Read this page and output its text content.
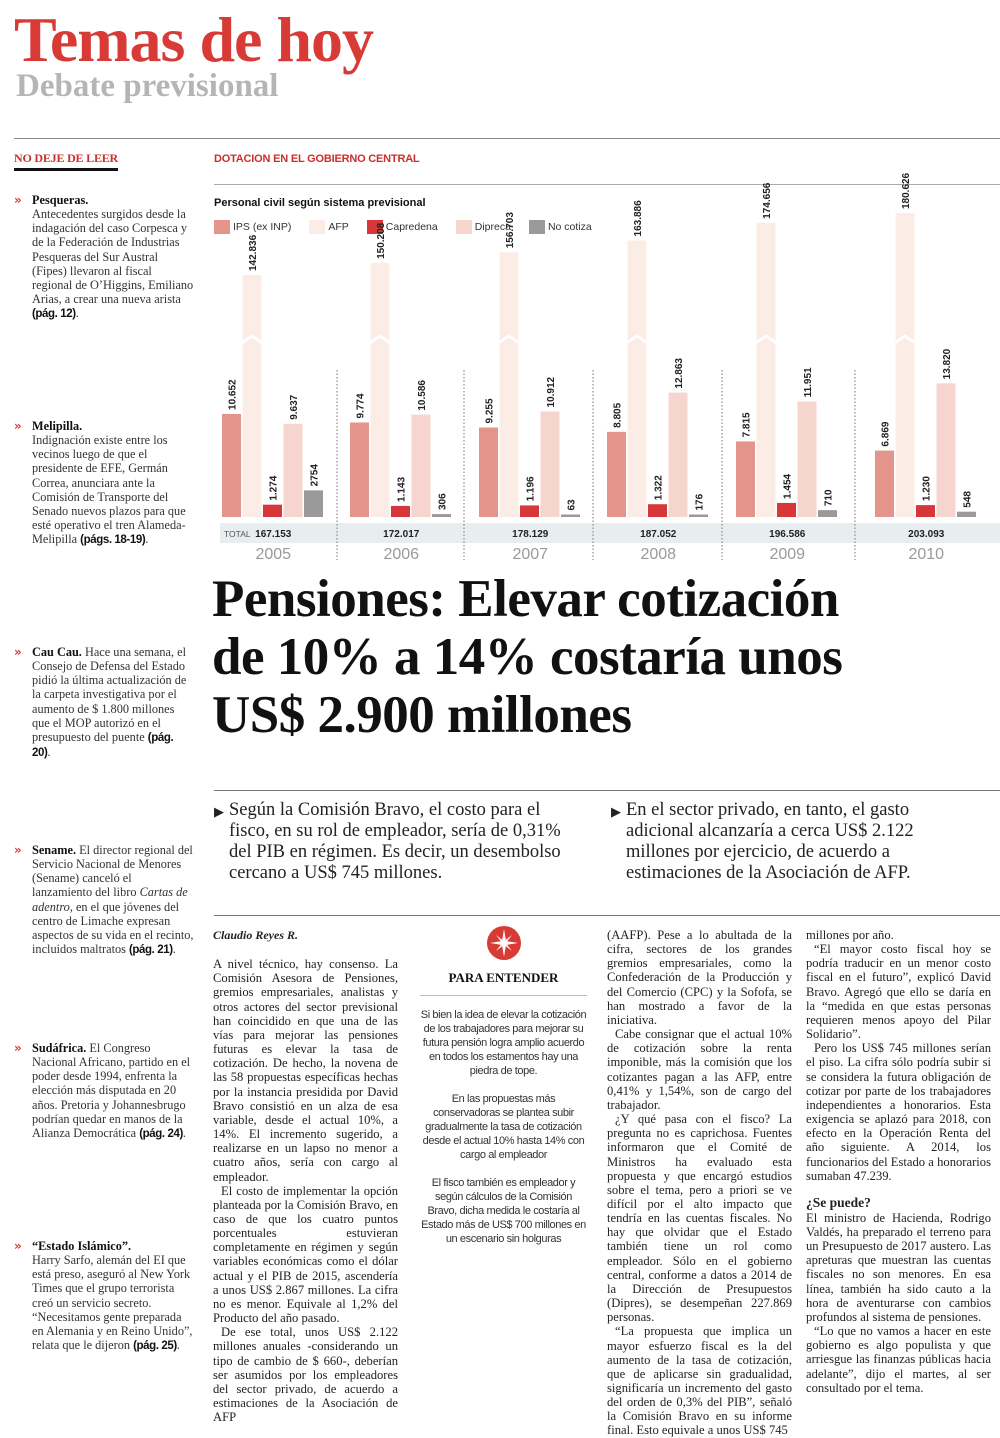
Temas de hoy
Debate previsional
NO DEJE DE LEER	DOTACION EN EL GOBIERNO CENTRAL
» Pesqueras.
Antecedentes surgidos desde la indagación del caso Corpesca y de la Federación de Industrias Pesqueras del Sur Austral (Fipes) llevaron al fiscal regional de O’Higgins, Emiliano Arias, a crear una nueva arista (pág. 12).
» Melipilla.
Indignación existe entre los vecinos luego de que el presidente de EFE, Germán Correa, anunciara ante la Comisión de Transporte del Senado nuevos plazos para que esté operativo el tren Alameda-Melipilla (págs. 18-19).
» Cau Cau. Hace una semana, el Consejo de Defensa del Estado pidió la última actualización de la carpeta investigativa por el aumento de $ 1.800 millones que el MOP autorizó en el presupuesto del puente (pág. 20).
» Sename. El director regional del Servicio Nacional de Menores (Sename) canceló el lanzamiento del libro Cartas de adentro, en el que jóvenes del centro de Limache expresan aspectos de su vida en el recinto, incluidos maltratos (pág. 21).
» Sudáfrica. El Congreso Nacional Africano, partido en el poder desde 1994, enfrenta la elección más disputada en 20 años. Pretoria y Johannesbrugo podrían quedar en manos de la Alianza Democrática (pág. 24).
» “Estado Islámico”.
Harry Sarfo, alemán del EI que está preso, aseguró al New York Times que el grupo terrorista creó un servicio secreto. “Necesitamos gente preparada en Alemania y en Reino Unido”, relata que le dijeron (pág. 25).
Personal civil según sistema previsional
IPS (ex INP)	AFP	Capredena	Dipreca	No cotiza
TOTAL
10.652
142.836
1.274
9.637
2754
167.153
2005
9.774
150.208
1.143
10.586
306
172.017
2006
9.255
156.703
1.196
10.912
63
178.129
2007
8.805
163.886
1.322
12.863
176
187.052
2008
7.815
174.656
1.454
11.951
710
196.586
2009
6.869
180.626
1.230
13.820
548
203.093
2010
Pensiones: Elevar cotización
de 10% a 14% costaría unos
US$ 2.900 millones
▶ Según la Comisión Bravo, el costo para el fisco, en su rol de empleador, sería de 0,31% del PIB en régimen. Es decir, un desembolso cercano a US$ 745 millones.
▶ En el sector privado, en tanto, el gasto adicional alcanzaría a cerca US$ 2.122 millones por ejercicio, de acuerdo a estimaciones de la Asociación de AFP.
Claudio Reyes R.

A nivel técnico, hay consenso. La Comisión Asesora de Pensiones, gremios empresariales, analistas y otros actores del sector previsional han coincidido en que una de las vías para mejorar las pensiones futuras es elevar la tasa de cotización. De hecho, la novena de las 58 propuestas específicas hechas por la instancia presidida por David Bravo consistió en un alza de esa variable, desde el actual 10%, a 14%. El incremento sugerido, a realizarse en un lapso no menor a cuatro años, sería con cargo al empleador.

El costo de implementar la opción planteada por la Comisión Bravo, en caso de que los cuatro puntos porcentuales estuvieran completamente en régimen y según variables económicas como el dólar actual y el PIB de 2015, ascendería a unos US$ 2.867 millones. La cifra no es menor. Equivale al 1,2% del Producto del año pasado.

De ese total, unos US$ 2.122 millones anuales -considerando un tipo de cambio de $ 660-, deberían ser asumidos por los empleadores del sector privado, de acuerdo a estimaciones de la Asociación de AFP

PARA ENTENDER

Si bien la idea de elevar la cotización de los trabajadores para mejorar su futura pensión logra amplio acuerdo en todos los estamentos hay una piedra de tope.

En las propuestas más conservadoras se plantea subir gradualmente la tasa de cotización desde el actual 10% hasta 14% con cargo al empleador

El fisco también es empleador y según cálculos de la Comisión Bravo, dicha medida le costaría al Estado más de US$ 700 millones en un escenario sin holguras

(AAFP). Pese a lo abultada de la cifra, sectores de los grandes gremios empresariales, como la Confederación de la Producción y del Comercio (CPC) y la Sofofa, se han mostrado a favor de la iniciativa.

Cabe consignar que el actual 10% de cotización sobre la renta imponible, más la comisión que los cotizantes pagan a las AFP, entre 0,41% y 1,54%, son de cargo del trabajador.

¿Y qué pasa con el fisco? La pregunta no es caprichosa. Fuentes informaron que el Comité de Ministros ha evaluado esta propuesta y que encargó estudios sobre el tema, pero a priori se ve difícil por el alto impacto que tendría en las cuentas fiscales. No hay que olvidar que el Estado también tiene un rol como empleador. Sólo en el gobierno central, conforme a datos a 2014 de la Dirección de Presupuestos (Dipres), se desempeñan 227.869 personas.

“La propuesta que implica un mayor esfuerzo fiscal es la del aumento de la tasa de cotización, que de aplicarse sin gradualidad, significaría un incremento del gasto del orden de 0,3% del PIB”, señaló la Comisión Bravo en su informe final. Esto equivale a unos US$ 745

millones por año.

“El mayor costo fiscal hoy se podría traducir en un menor costo fiscal en el futuro”, explicó David Bravo. Agregó que ello se daría en la “medida en que estas personas requieren menos apoyo del Pilar Solidario”.

Pero los US$ 745 millones serían el piso. La cifra sólo podría subir si se considera la futura obligación de cotizar por parte de los trabajadores independientes a honorarios. Esta exigencia se aplazó para 2018, con efecto en la Operación Renta del año siguiente. A 2014, los funcionarios del Estado a honorarios sumaban 47.239.

¿Se puede?

El ministro de Hacienda, Rodrigo Valdés, ha preparado el terreno para un Presupuesto de 2017 austero. Las apreturas que muestran las cuentas fiscales no son menores. En esa línea, también ha sido cauto a la hora de aventurarse con cambios profundos al sistema de pensiones.

“Lo que no vamos a hacer en este gobierno es algo populista y que arriesgue las finanzas públicas hacia adelante”, dijo el martes, al ser consultado por el tema.
